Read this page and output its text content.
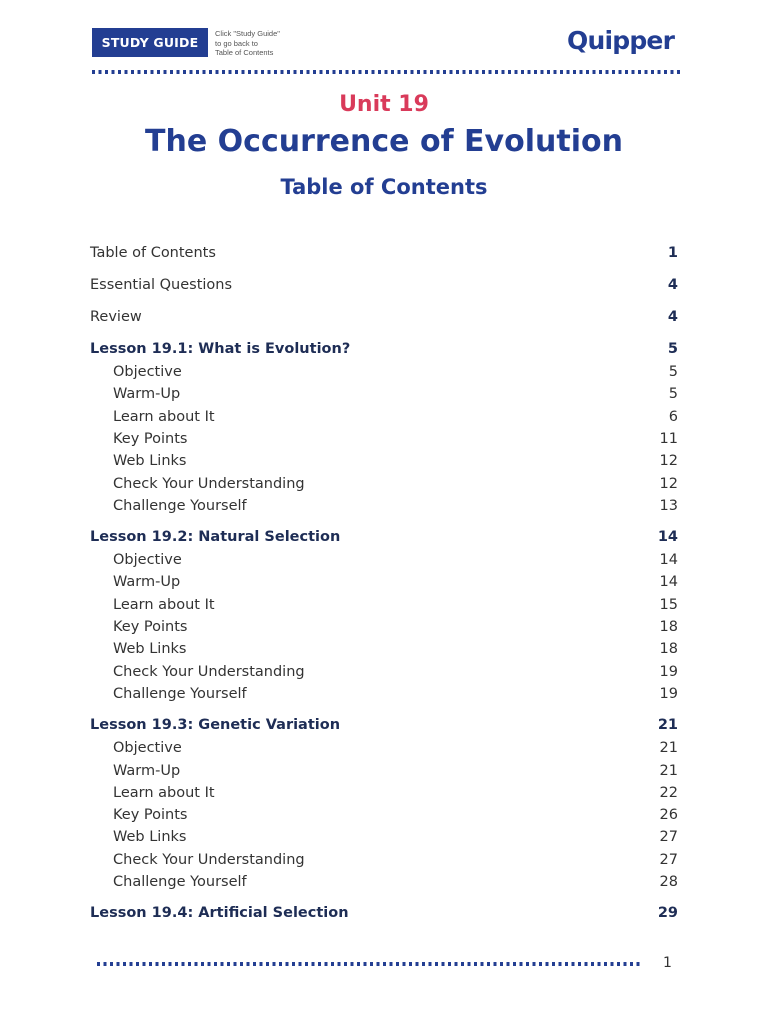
STUDY GUIDE
Click "Study Guide"
to go back to
Table of Contents	Quipper
Unit 19
The Occurrence of Evolution
Table of Contents
Table of Contents	1
Essential Questions	4
Review	4
Lesson 19.1: What is Evolution?	5
Objective	5
Warm-Up	5
Learn about It	6
Key Points	11
Web Links	12
Check Your Understanding	12
Challenge Yourself	13
Lesson 19.2: Natural Selection	14
Objective	14
Warm-Up	14
Learn about It	15
Key Points	18
Web Links	18
Check Your Understanding	19
Challenge Yourself	19
Lesson 19.3: Genetic Variation	21
Objective	21
Warm-Up	21
Learn about It	22
Key Points	26
Web Links	27
Check Your Understanding	27
Challenge Yourself	28
Lesson 19.4: Artificial Selection	29
1
